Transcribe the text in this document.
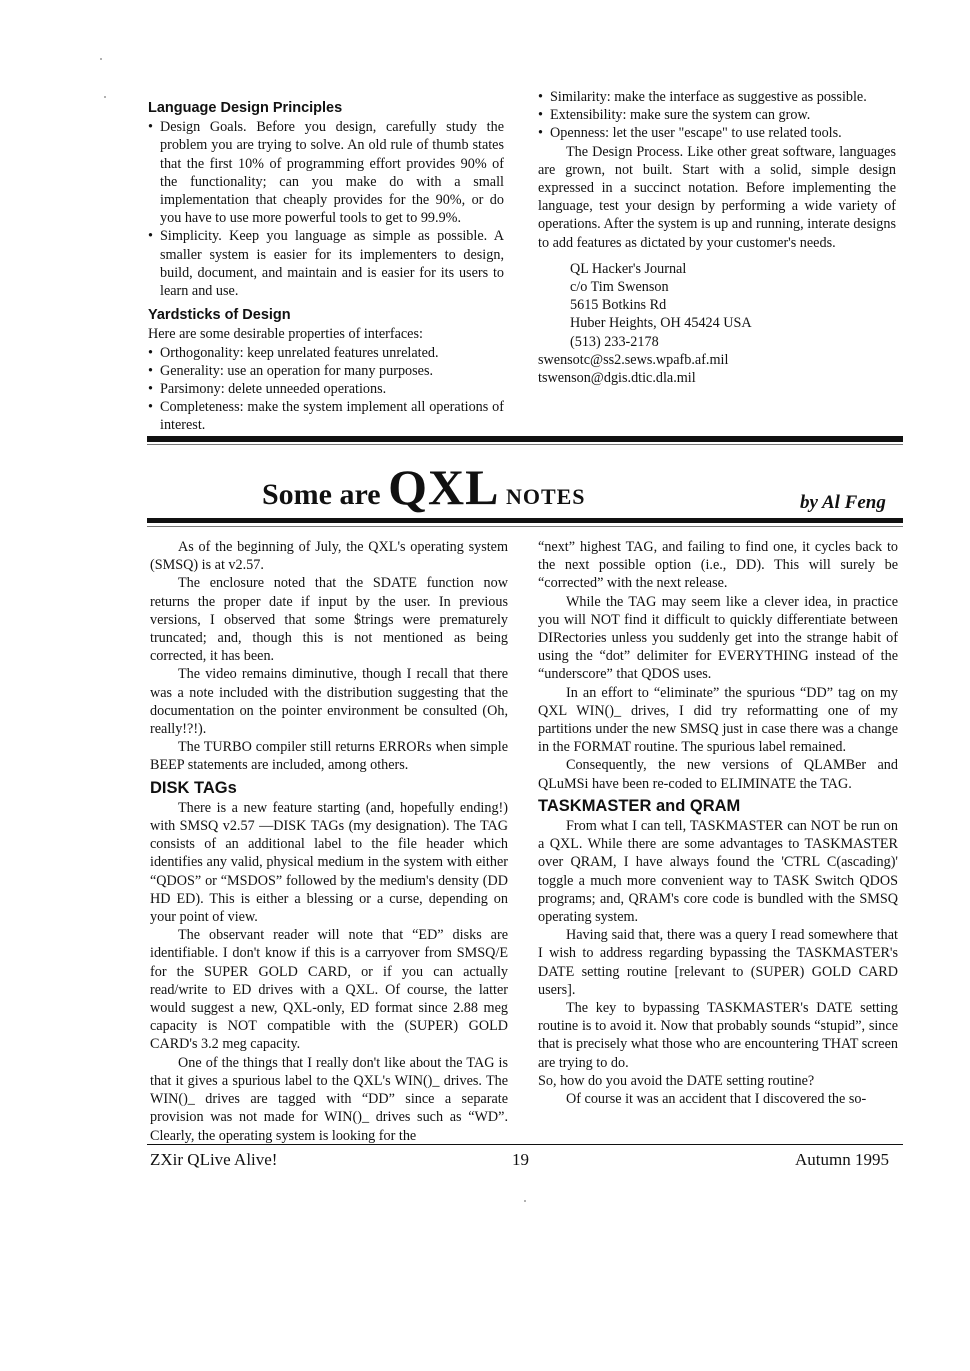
Language Design Principles
• Design Goals. Before you design, carefully study the problem you are trying to solve. An old rule of thumb states that the first 10% of programming effort provides 90% of the functionality; can you make do with a small implementation that cheaply provides for the 90%, or do you have to use more powerful tools to get to 99.9%.
• Simplicity. Keep you language as simple as possible. A smaller system is easier for its implementers to design, build, document, and maintain and is easier for its users to learn and use.
Yardsticks of Design
Here are some desirable properties of interfaces:
• Orthogonality: keep unrelated features unrelated.
• Generality: use an operation for many purposes.
• Parsimony: delete unneeded operations.
• Completeness: make the system implement all operations of interest.
• Similarity: make the interface as suggestive as possible.
• Extensibility: make sure the system can grow.
• Openness: let the user "escape" to use related tools.

The Design Process. Like other great software, languages are grown, not built. Start with a solid, simple design expressed in a succinct notation. Before implementing the language, test your design by performing a wide variety of operations. After the system is up and running, interate designs to add features as dictated by your customer's needs.

QL Hacker's Journal
c/o Tim Swenson
5615 Botkins Rd
Huber Heights, OH 45424 USA
(513) 233-2178
swensotc@ss2.sews.wpafb.af.mil
tswenson@dgis.dtic.dla.mil
Some are QXL NOTES	by Al Feng

As of the beginning of July, the QXL's operating system (SMSQ) is at v2.57.

The enclosure noted that the SDATE function now returns the proper date if input by the user. In previous versions, I observed that some $trings were prematurely truncated; and, though this is not mentioned as being corrected, it has been.

The video remains diminutive, though I recall that there was a note included with the distribution suggesting that the documentation on the pointer environment be consulted (Oh, really!?!).

The TURBO compiler still returns ERRORs when simple BEEP statements are included, among others.

DISK TAGs

There is a new feature starting (and, hopefully ending!) with SMSQ v2.57 —DISK TAGs (my designation). The TAG consists of an additional label to the file header which identifies any valid, physical medium in the system with either “QDOS” or “MSDOS” followed by the medium's density (DD HD ED). This is either a blessing or a curse, depending on your point of view.

The observant reader will note that “ED” disks are identifiable. I don't know if this is a carryover from SMSQ/E for the SUPER GOLD CARD, or if you can actually read/write to ED drives with a QXL. Of course, the latter would suggest a new, QXL-only, ED format since 2.88 meg capacity is NOT compatible with the (SUPER) GOLD CARD's 3.2 meg capacity.

One of the things that I really don't like about the TAG is that it gives a spurious label to the QXL's WIN()_ drives. The WIN()_ drives are tagged with “DD” since a separate provision was not made for WIN()_ drives such as “WD”. Clearly, the operating system is looking for the

“next” highest TAG, and failing to find one, it cycles back to the next possible option (i.e., DD). This will surely be “corrected” with the next release.

While the TAG may seem like a clever idea, in practice you will NOT find it difficult to quickly differentiate between DIRectories unless you suddenly get into the strange habit of using the “dot” delimiter for EVERYTHING instead of the “underscore” that QDOS uses.

In an effort to “eliminate” the spurious “DD” tag on my QXL WIN()_ drives, I did try reformatting one of my partitions under the new SMSQ just in case there was a change in the FORMAT routine. The spurious label remained.

Consequently, the new versions of QLAMBer and QLuMSi have been re-coded to ELIMINATE the TAG.

TASKMASTER and QRAM

From what I can tell, TASKMASTER can NOT be run on a QXL. While there are some advantages to TASKMASTER over QRAM, I have always found the 'CTRL C(ascading)' toggle a much more convenient way to TASK Switch QDOS programs; and, QRAM's core code is bundled with the SMSQ operating system.

Having said that, there was a query I read somewhere that I wish to address regarding bypassing the TASKMASTER's DATE setting routine [relevant to (SUPER) GOLD CARD users].

The key to bypassing TASKMASTER's DATE setting routine is to avoid it. Now that probably sounds “stupid”, since that is precisely what those who are encountering THAT screen are trying to do.

So, how do you avoid the DATE setting routine?

Of course it was an accident that I discovered the so-

ZXir QLive Alive!	19	Autumn 1995
